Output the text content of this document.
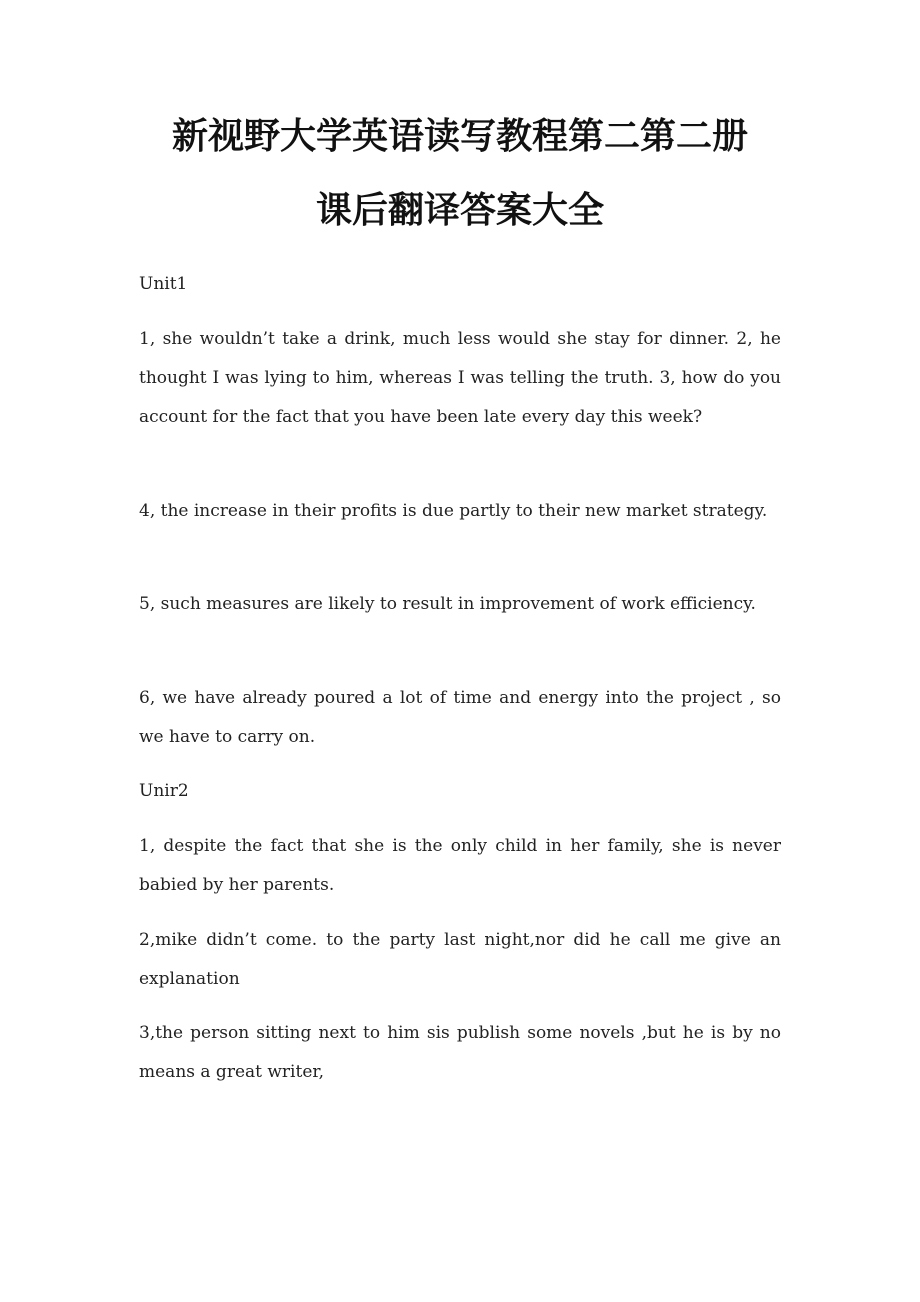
新视野大学英语读写教程第二第二册
课后翻译答案大全

Unit1

1, she wouldn’t take a drink, much less would she stay for dinner. 2, he thought I was lying to him, whereas I was telling the truth. 3, how do you account for the fact that you have been late every day this week?

4, the increase in their profits is due partly to their new market strategy.

5, such measures are likely to result in improvement of work efficiency.

6, we have already poured a lot of time and energy into the project , so we have to carry on.

Unir2

1, despite the fact that she is the only child in her family, she is never babied by her parents.

2,mike didn’t come. to the party last night,nor did he call me give an explanation

3,the person sitting next to him sis publish some novels ,but he is by no means a great writer,
